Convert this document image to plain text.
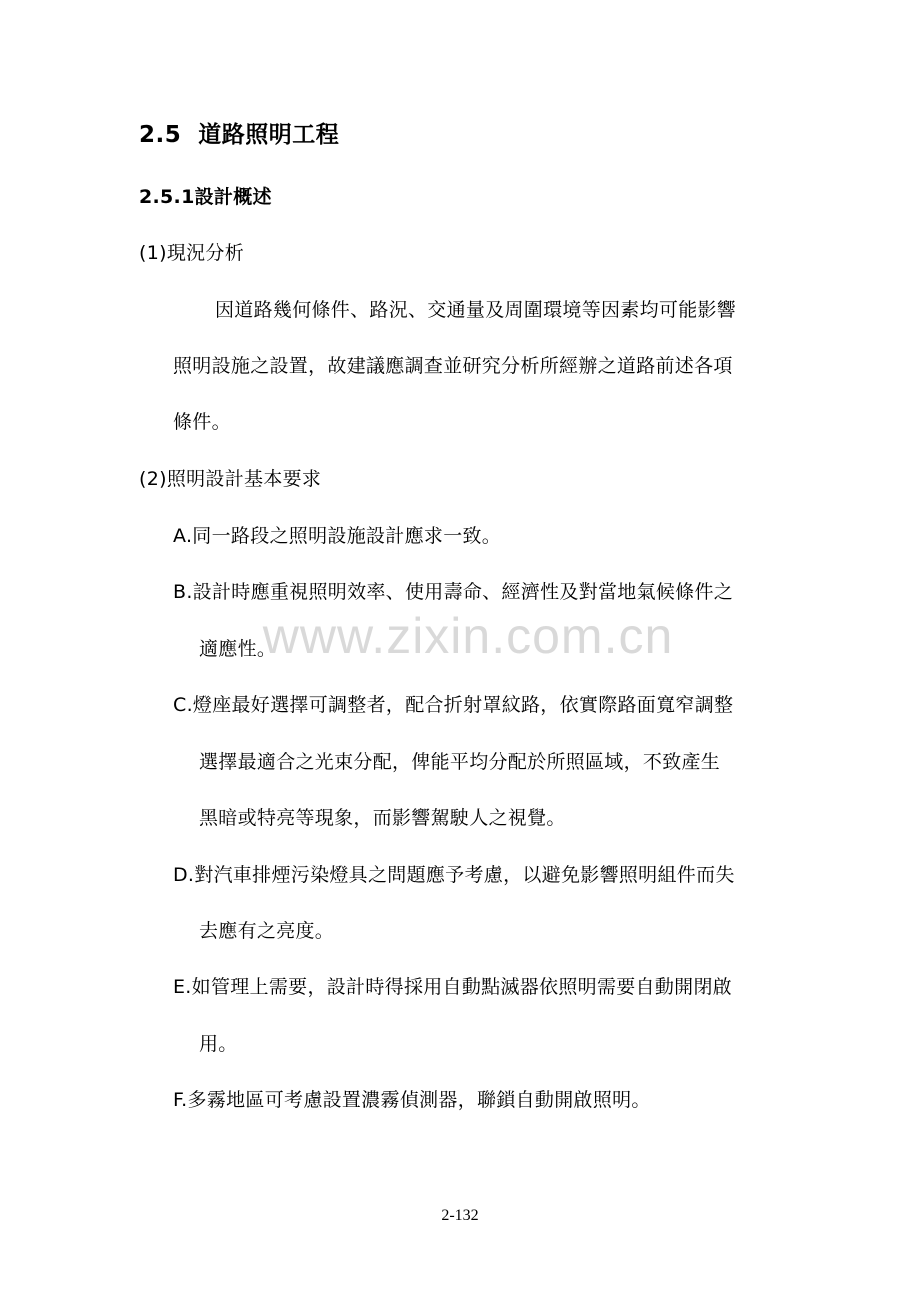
2.5 道路照明工程
2.5.1設計概述
(1)現況分析
因道路幾何條件、路況、交通量及周圍環境等因素均可能影響
照明設施之設置，故建議應調查並研究分析所經辦之道路前述各項
條件。
(2)照明設計基本要求
A.同一路段之照明設施設計應求一致。
B.設計時應重視照明效率、使用壽命、經濟性及對當地氣候條件之
適應性。
C.燈座最好選擇可調整者，配合折射罩紋路，依實際路面寬窄調整
選擇最適合之光束分配，俾能平均分配於所照區域，不致產生
黑暗或特亮等現象，而影響駕駛人之視覺。
D.對汽車排煙污染燈具之問題應予考慮，以避免影響照明組件而失
去應有之亮度。
E.如管理上需要，設計時得採用自動點滅器依照明需要自動開閉啟
用。
F.多霧地區可考慮設置濃霧偵測器，聯鎖自動開啟照明。
www.zixin.com.cn
2-132
